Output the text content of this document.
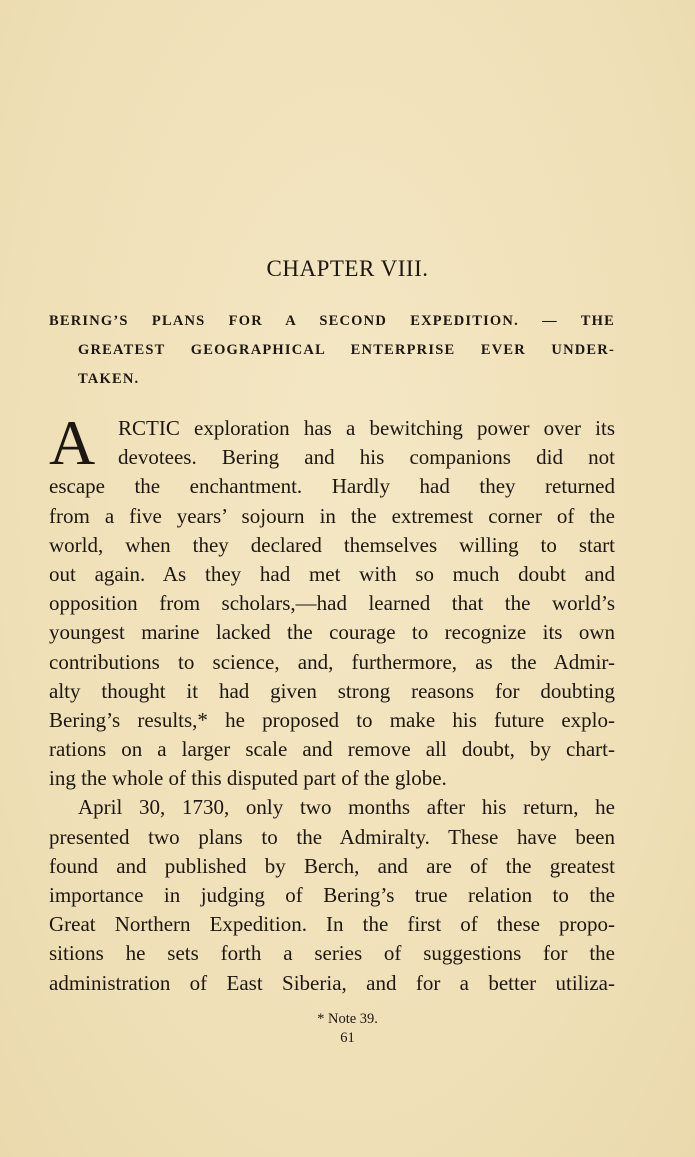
CHAPTER VIII.
BERING’S PLANS FOR A SECOND EXPEDITION. — THE
GREATEST GEOGRAPHICAL ENTERPRISE EVER UNDER-
TAKEN.
A RCTIC exploration has a bewitching power over its
devotees. Bering and his companions did not
escape the enchantment. Hardly had they returned
from a five years’ sojourn in the extremest corner of the
world, when they declared themselves willing to start
out again. As they had met with so much doubt and
opposition from scholars,—had learned that the world’s
youngest marine lacked the courage to recognize its own
contributions to science, and, furthermore, as the Admir-
alty thought it had given strong reasons for doubting
Bering’s results,* he proposed to make his future explo-
rations on a larger scale and remove all doubt, by chart-
ing the whole of this disputed part of the globe.
April 30, 1730, only two months after his return, he
presented two plans to the Admiralty. These have been
found and published by Berch, and are of the greatest
importance in judging of Bering’s true relation to the
Great Northern Expedition. In the first of these propo-
sitions he sets forth a series of suggestions for the
administration of East Siberia, and for a better utiliza-
* Note 39.
61
